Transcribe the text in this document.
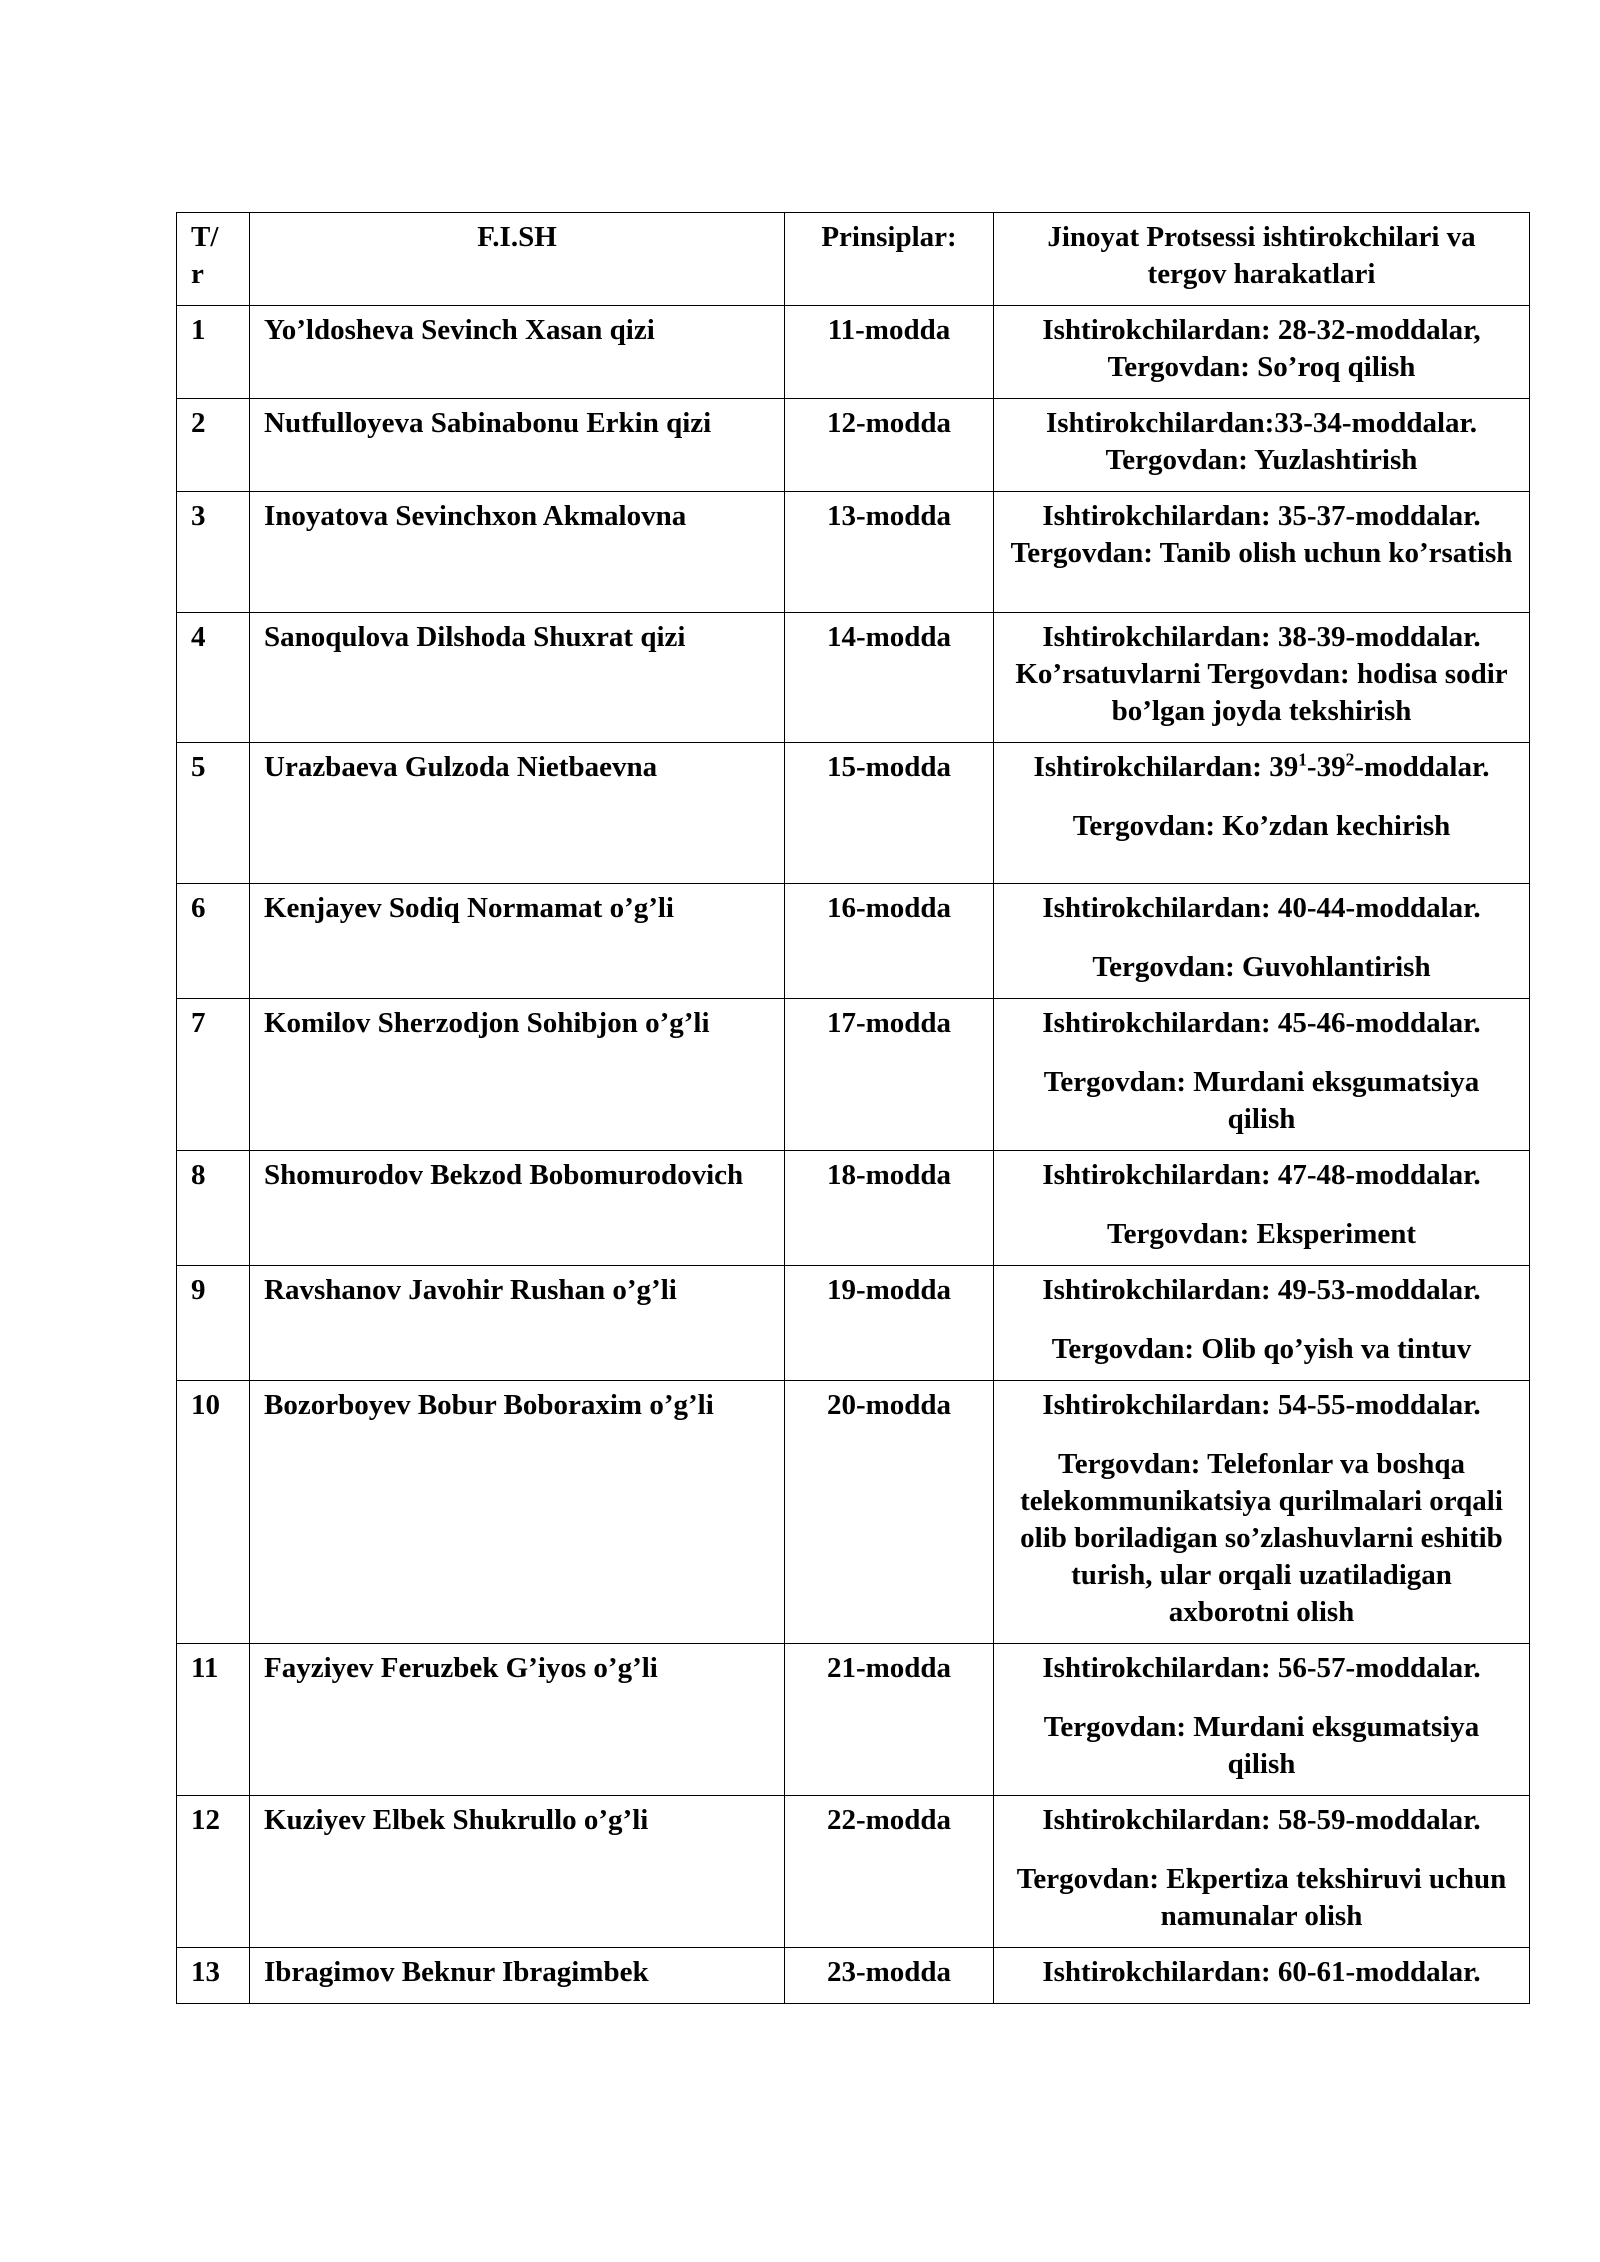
T/ r	F.I.SH	Prinsiplar:	Jinoyat Protsessi ishtirokchilari va tergov harakatlari
1	Yo’ldosheva Sevinch Xasan qizi	11-modda	Ishtirokchilardan: 28-32-moddalar, Tergovdan: So’roq qilish

2	Nutfulloyeva Sabinabonu Erkin qizi	12-modda	Ishtirokchilardan:33-34-moddalar. Tergovdan: Yuzlashtirish

3	Inoyatova Sevinchxon Akmalovna	13-modda	Ishtirokchilardan: 35-37-moddalar. Tergovdan: Tanib olish uchun ko’rsatish

4	Sanoqulova Dilshoda Shuxrat qizi	14-modda	Ishtirokchilardan: 38-39-moddalar. Ko’rsatuvlarni Tergovdan: hodisa sodir bo’lgan joyda tekshirish

5	Urazbaeva Gulzoda Nietbaevna	15-modda	Ishtirokchilardan: $39^1-39^2$-moddalar.
Tergovdan: Ko’zdan kechirish

6	Kenjayev Sodiq Normamat o’g’li	16-modda	Ishtirokchilardan: 40-44-moddalar.
Tergovdan: Guvohlantirish

7	Komilov Sherzodjon Sohibjon o’g’li	17-modda	Ishtirokchilardan: 45-46-moddalar.
Tergovdan: Murdani eksgumatsiya qilish

8	Shomurodov Bekzod Bobomurodovich	18-modda	Ishtirokchilardan: 47-48-moddalar.
Tergovdan: Eksperiment

9	Ravshanov Javohir Rushan o’g’li	19-modda	Ishtirokchilardan: 49-53-moddalar.
Tergovdan: Olib qo’yish va tintuv

10	Bozorboyev Bobur Boboraxim o’g’li	20-modda	Ishtirokchilardan: 54-55-moddalar.
Tergovdan: Telefonlar va boshqa telekommunikatsiya qurilmalari orqali olib boriladigan so’zlashuvlarni eshitib turish, ular orqali uzatiladigan axborotni olish

11	Fayziyev Feruzbek G’iyos o’g’li	21-modda	Ishtirokchilardan: 56-57-moddalar.
Tergovdan: Murdani eksgumatsiya qilish

12	Kuziyev Elbek Shukrullo o’g’li	22-modda	Ishtirokchilardan: 58-59-moddalar.
Tergovdan: Ekpertiza tekshiruvi uchun namunalar olish

13	Ibragimov Beknur Ibragimbek	23-modda	Ishtirokchilardan: 60-61-moddalar.
